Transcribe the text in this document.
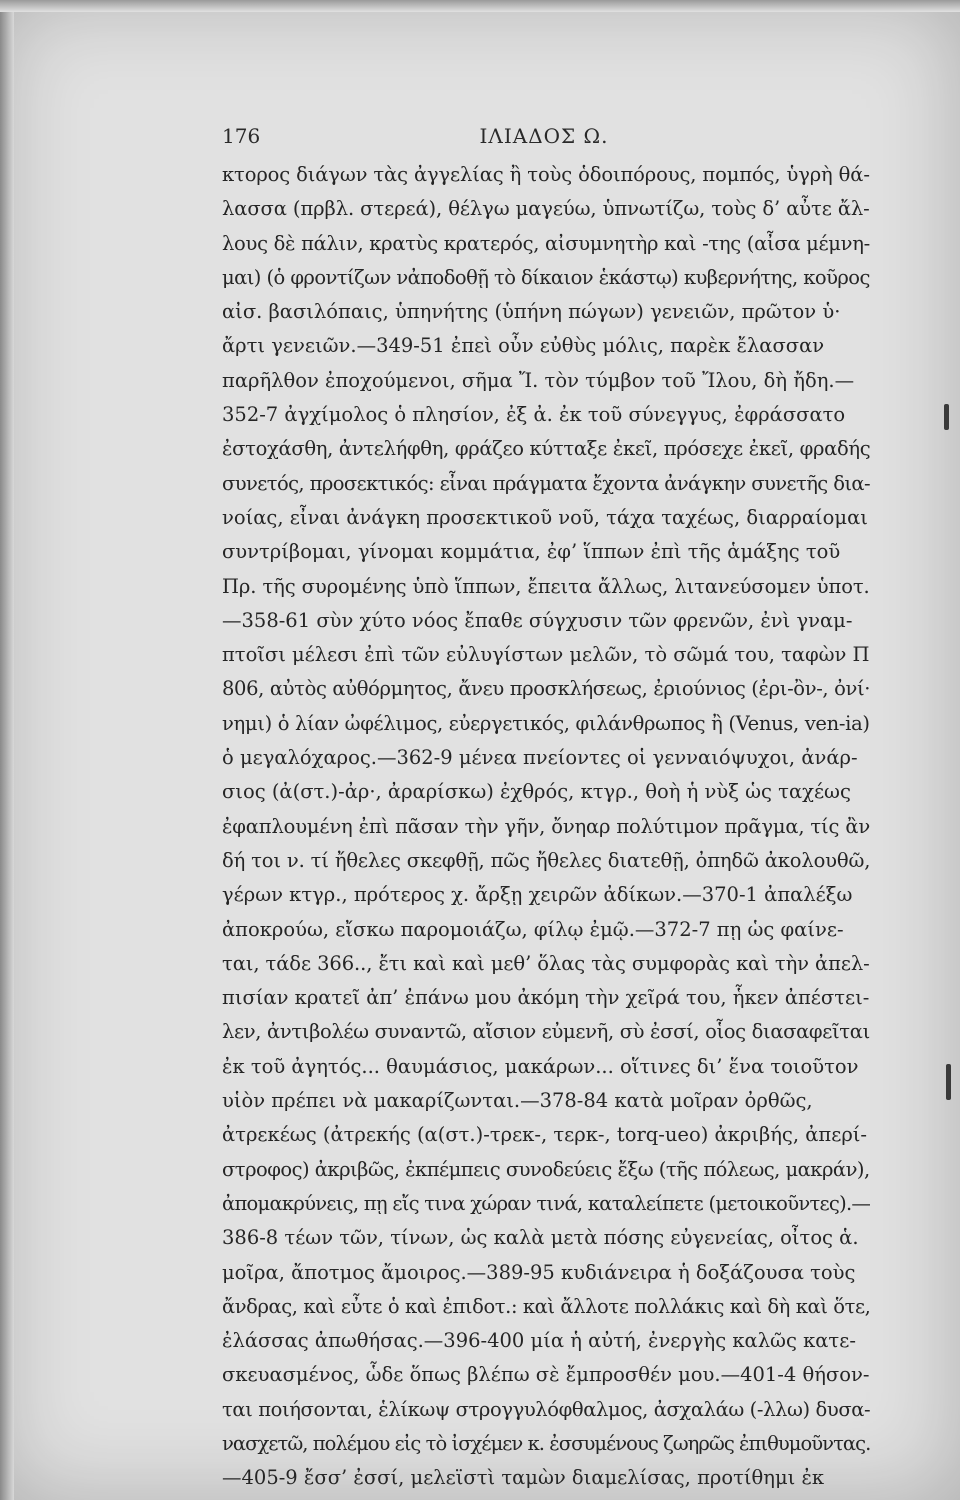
176	ΙΛΙΑΔΟΣ Ω.
κτορος διάγων τὰς ἀγγελίας ἢ τοὺς ὁδοιπόρους, πομπός, ὑγρὴ θά-
λασσα (πρβλ. στερεά), θέλγω μαγεύω, ὑπνωτίζω, τοὺς δ’ αὖτε ἄλ-
λους δὲ πάλιν, κρατὺς κρατερός, αἰσυμνητὴρ καὶ -της (αἶσα μέμνη-
μαι) (ὁ φροντίζων νἀποδοθῇ τὸ δίκαιον ἑκάστῳ) κυβερνήτης, κοῦρος
αἰσ. βασιλόπαις, ὑπηνήτης (ὑπήνη πώγων) γενειῶν, πρῶτον ὑ·
ἄρτι γενειῶν.—349-51 ἐπεὶ οὖν εὐθὺς μόλις, παρὲκ ἔλασσαν
παρῆλθον ἐποχούμενοι, σῆμα Ἴ. τὸν τύμβον τοῦ Ἴλου, δὴ ἤδη.—
352-7 ἀγχίμολος ὁ πλησίον, ἐξ ἀ. ἐκ τοῦ σύνεγγυς, ἐφράσσατο
ἐστοχάσθη, ἀντελήφθη, φράζεο κύτταξε ἐκεῖ, πρόσεχε ἐκεῖ, φραδής
συνετός, προσεκτικός: εἶναι πράγματα ἔχοντα ἀνάγκην συνετῆς δια-
νοίας, εἶναι ἀνάγκη προσεκτικοῦ νοῦ, τάχα ταχέως, διαρραίομαι
συντρίβομαι, γίνομαι κομμάτια, ἐφ’ ἵππων ἐπὶ τῆς ἁμάξης τοῦ
Πρ. τῆς συρομένης ὑπὸ ἵππων, ἔπειτα ἄλλως, λιτανεύσομεν ὑποτ.
—358-61 σὺν χύτο νόος ἔπαθε σύγχυσιν τῶν φρενῶν, ἐνὶ γναμ-
πτοῖσι μέλεσι ἐπὶ τῶν εὐλυγίστων μελῶν, τὸ σῶμά του, ταφὼν Π
806, αὐτὸς αὐθόρμητος, ἄνευ προσκλήσεως, ἐριούνιος (ἐρι-ὂν-, ὀνί·
νημι) ὁ λίαν ὠφέλιμος, εὐεργετικός, φιλάνθρωπος ἢ (Venus, ven-ia)
ὁ μεγαλόχαρος.—362-9 μένεα πνείοντες οἱ γενναιόψυχοι, ἀνάρ-
σιος (ἀ(στ.)-ἀρ·, ἀραρίσκω) ἐχθρός, κτγρ., θοὴ ἡ νὺξ ὡς ταχέως
ἐφαπλουμένη ἐπὶ πᾶσαν τὴν γῆν, ὄνηαρ πολύτιμον πρᾶγμα, τίς ἂν
δή τοι ν. τί ἤθελες σκεφθῇ, πῶς ἤθελες διατεθῇ, ὀπηδῶ ἀκολουθῶ,
γέρων κτγρ., πρότερος χ. ἄρξῃ χειρῶν ἀδίκων.—370-1 ἀπαλέξω
ἀποκρούω, εἴσκω παρομοιάζω, φίλῳ ἐμῷ.—372-7 πῃ ὡς φαίνε-
ται, τάδε 366.., ἔτι καὶ καὶ μεθ’ ὅλας τὰς συμφορὰς καὶ τὴν ἀπελ-
πισίαν κρατεῖ ἀπ’ ἐπάνω μου ἀκόμη τὴν χεῖρά του, ἧκεν ἀπέστει-
λεν, ἀντιβολέω συναντῶ, αἴσιον εὐμενῆ, σὺ ἐσσί, οἷος διασαφεῖται
ἐκ τοῦ ἀγητός... θαυμάσιος, μακάρων... οἵτινες δι’ ἕνα τοιοῦτον
υἱὸν πρέπει νὰ μακαρίζωνται.—378-84 κατὰ μοῖραν ὀρθῶς,
ἀτρεκέως (ἀτρεκής (α(στ.)-τρεκ-, τερκ-, torq-ueo) ἀκριβής, ἀπερί-
στροφος) ἀκριβῶς, ἐκπέμπεις συνοδεύεις ἔξω (τῆς πόλεως, μακράν),
ἀπομακρύνεις, πῃ εἴς τινα χώραν τινά, καταλείπετε (μετοικοῦντες).—
386-8 τέων τῶν, τίνων, ὡς καλὰ μετὰ πόσης εὐγενείας, οἶτος ἁ.
μοῖρα, ἄποτμος ἄμοιρος.—389-95 κυδιάνειρα ἡ δοξάζουσα τοὺς
ἄνδρας, καὶ εὖτε ὁ καὶ ἐπιδοτ.: καὶ ἄλλοτε πολλάκις καὶ δὴ καὶ ὅτε,
ἐλάσσας ἀπωθήσας.—396-400 μία ἡ αὐτή, ἐνεργὴς καλῶς κατε-
σκευασμένος, ὧδε ὅπως βλέπω σὲ ἔμπροσθέν μου.—401-4 θήσον-
ται ποιήσονται, ἑλίκωψ στρογγυλόφθαλμος, ἀσχαλάω (-λλω) δυσα-
νασχετῶ, πολέμου εἰς τὸ ἰσχέμεν κ. ἐσσυμένους ζωηρῶς ἐπιθυμοῦντας.
—405-9 ἔσσ’ ἐσσί, μελεϊστὶ ταμὼν διαμελίσας, προτίθημι ἐκ
